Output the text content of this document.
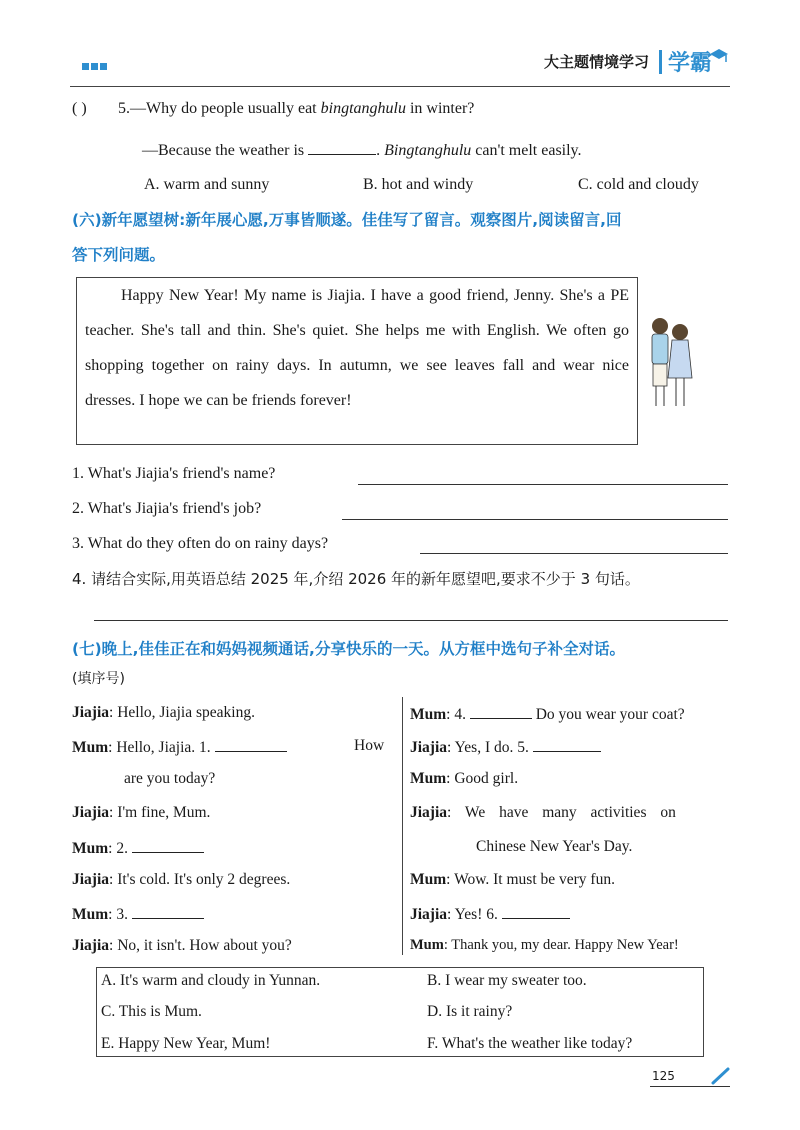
大主题情境学习 学霸
( ) 5.—Why do people usually eat bingtanghulu in winter?
—Because the weather is	. Bingtanghulu can't melt easily.
A. warm and sunny	B. hot and windy	C. cold and cloudy
(六)新年愿望树:新年展心愿,万事皆顺遂。佳佳写了留言。观察图片,阅读留言,回
答下列问题。

Happy New Year! My name is Jiajia. I have a good friend, Jenny. She's a PE teacher. She's tall and thin. She's quiet. She helps me with English. We often go shopping together on rainy days. In autumn, we see leaves fall and wear nice dresses. I hope we can be friends forever!

1. What's Jiajia's friend's name?
2. What's Jiajia's friend's job?
3. What do they often do on rainy days?
4. 请结合实际,用英语总结 2025 年,介绍 2026 年的新年愿望吧,要求不少于 3 句话。
(七)晚上,佳佳正在和妈妈视频通话,分享快乐的一天。从方框中选句子补全对话。
(填序号)
Jiajia: Hello, Jiajia speaking.
Mum: Hello, Jiajia. 1.	How
are you today?
Jiajia: I'm fine, Mum.
Mum: 2.
Jiajia: It's cold. It's only 2 degrees.
Mum: 3.
Jiajia: No, it isn't. How about you?
Mum: 4.	Do you wear your coat?
Jiajia: Yes, I do. 5.
Mum: Good girl.
Jiajia: We have many activities on
Chinese New Year's Day.
Mum: Wow. It must be very fun.
Jiajia: Yes! 6.
Mum: Thank you, my dear. Happy New Year!
A. It's warm and cloudy in Yunnan.	B. I wear my sweater too.
C. This is Mum.	D. Is it rainy?
E. Happy New Year, Mum!	F. What's the weather like today?
125
